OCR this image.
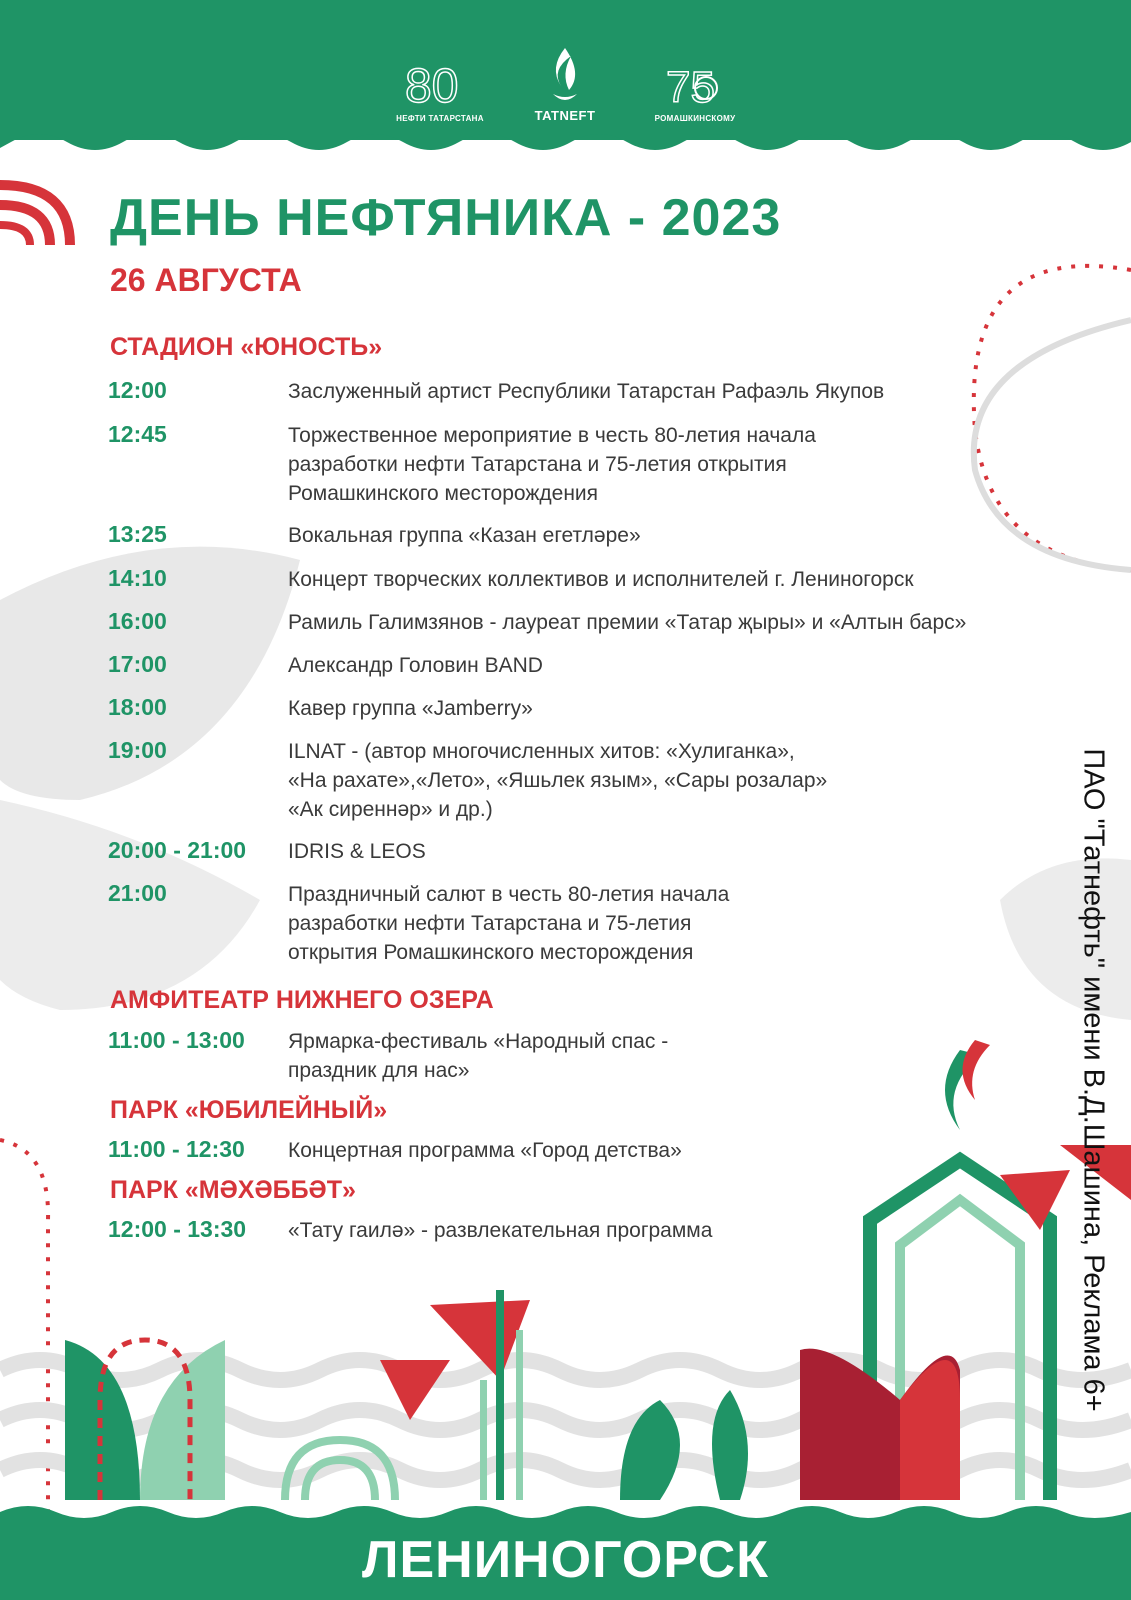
80
НЕФТИ ТАТАРСТАНА	TATNEFT
75
РОМАШКИНСКОМУ
ДЕНЬ НЕФТЯНИКА - 2023
26 АВГУСТА
СТАДИОН «ЮНОСТЬ»
12:00	Заслуженный артист Республики Татарстан Рафаэль Якупов
12:45	Торжественное мероприятие в честь 80-летия начала
разработки нефти Татарстана и 75-летия открытия
Ромашкинского месторождения
13:25	Вокальная группа «Казан егетләре»
14:10	Концерт творческих коллективов и исполнителей г. Лениногорск
16:00	Рамиль Галимзянов - лауреат премии «Татар җыры» и «Алтын барс»
17:00	Александр Головин BAND
18:00	Кавер группа «Jamberry»
19:00	ILNAT - (автор многочисленных хитов: «Хулиганка»,
«На рахате»,«Лето», «Яшьлек язым», «Сары розалар»
«Ак сиреннәр» и др.)
20:00 - 21:00 IDRIS & LEOS
21:00	Праздничный салют в честь 80-летия начала
разработки нефти Татарстана и 75-летия
открытия Ромашкинского месторождения
АМФИТЕАТР НИЖНЕГО ОЗЕРА
11:00 - 13:00 Ярмарка-фестиваль «Народный спас -
праздник для нас»
ПАРК «ЮБИЛЕЙНЫЙ»
11:00 - 12:30 Концертная программа «Город детства»
ПАРК «МӘХӘББӘТ»
12:00 - 13:30 «Тату гаилә» - развлекательная программа	ПАО "Татнефть" имени В.Д.Шашина, Реклама 6+
ЛЕНИНОГОРСК
